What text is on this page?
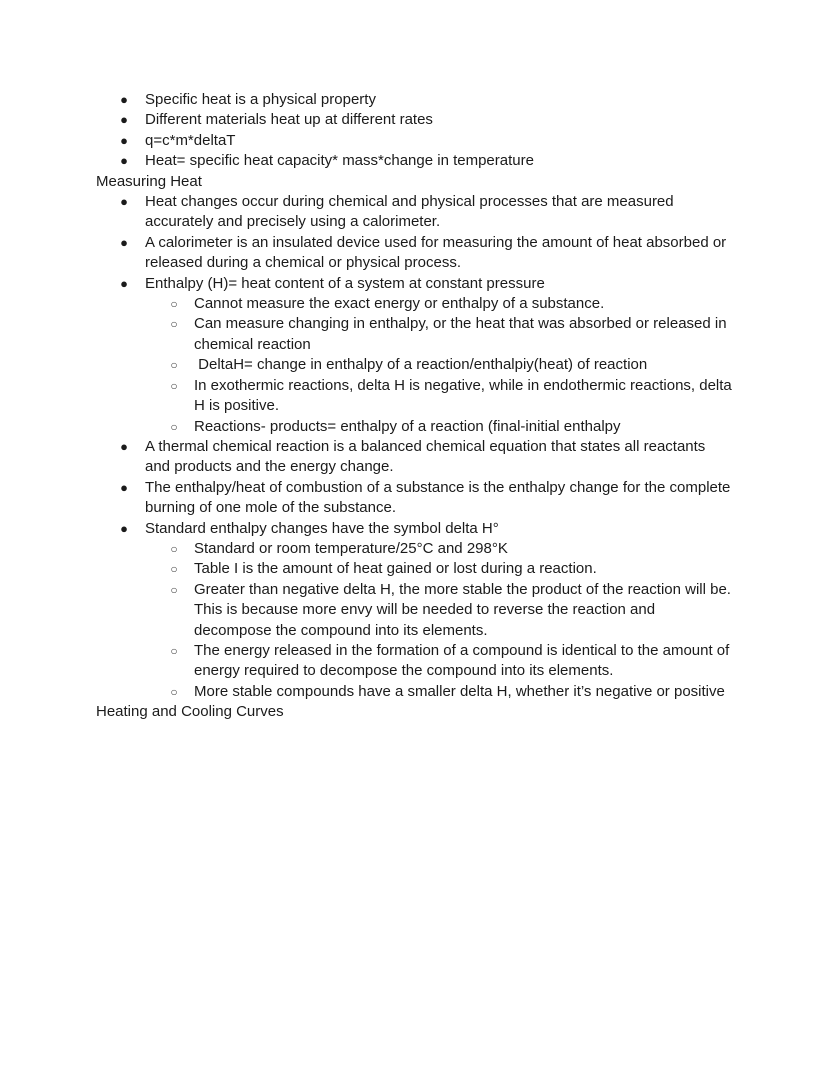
●
Specific heat is a physical property
●
Different materials heat up at different rates
●
q=c*m*deltaT
●
Heat= specific heat capacity* mass*change in temperature
Measuring Heat
●
Heat changes occur during chemical and physical processes that are measured accurately and precisely using a calorimeter.
●
A calorimeter is an insulated device used for measuring the amount of heat absorbed or released during a chemical or physical process.
●
Enthalpy (H)= heat content of a system at constant pressure
○
Cannot measure the exact energy or enthalpy of a substance.
○
Can measure changing in enthalpy, or the heat that was absorbed or released in chemical reaction
○
DeltaH= change in enthalpy of a reaction/enthalpiy(heat) of reaction
○
In exothermic reactions, delta H is negative, while in endothermic reactions, delta H is positive.
○
Reactions- products= enthalpy of a reaction (final-initial enthalpy
●
A thermal chemical reaction is a balanced chemical equation that states all reactants and products and the energy change.
●
The enthalpy/heat of combustion of a substance is the enthalpy change for the complete burning of one mole of the substance.
●
Standard enthalpy changes have the symbol delta H°
○
Standard or room temperature/25°C and 298°K
○
Table I is the amount of heat gained or lost during a reaction.
○
Greater than negative delta H, the more stable the product of the reaction will be. This is because more envy will be needed to reverse the reaction and decompose the compound into its elements.
○
The energy released in the formation of a compound is identical to the amount of energy required to decompose the compound into its elements.
○
More stable compounds have a smaller delta H, whether it’s negative or positive
Heating and Cooling Curves
